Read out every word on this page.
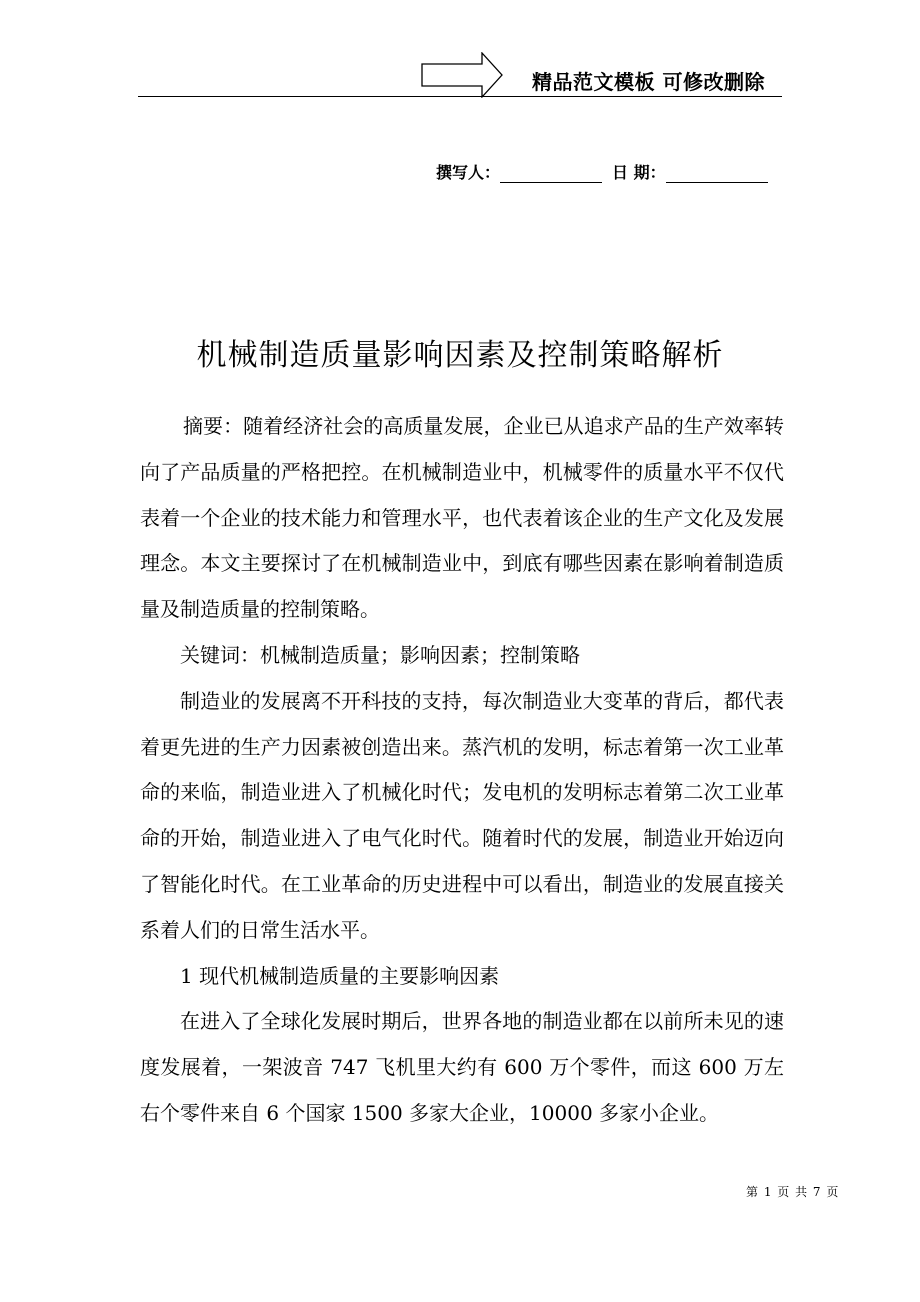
精品范文模板 可修改删除
撰写人：	日 期：
机械制造质量影响因素及控制策略解析

摘要：随着经济社会的高质量发展，企业已从追求产品的生产效率转向了产品质量的严格把控。在机械制造业中，机械零件的质量水平不仅代表着一个企业的技术能力和管理水平，也代表着该企业的生产文化及发展理念。本文主要探讨了在机械制造业中，到底有哪些因素在影响着制造质量及制造质量的控制策略。

关键词：机械制造质量；影响因素；控制策略

制造业的发展离不开科技的支持，每次制造业大变革的背后，都代表着更先进的生产力因素被创造出来。蒸汽机的发明，标志着第一次工业革命的来临，制造业进入了机械化时代；发电机的发明标志着第二次工业革命的开始，制造业进入了电气化时代。随着时代的发展，制造业开始迈向了智能化时代。在工业革命的历史进程中可以看出，制造业的发展直接关系着人们的日常生活水平。

1 现代机械制造质量的主要影响因素

在进入了全球化发展时期后，世界各地的制造业都在以前所未见的速度发展着，一架波音 747 飞机里大约有 600 万个零件，而这 600 万左右个零件来自 6 个国家 1500 多家大企业，10000 多家小企业。

第 1 页 共 7 页
